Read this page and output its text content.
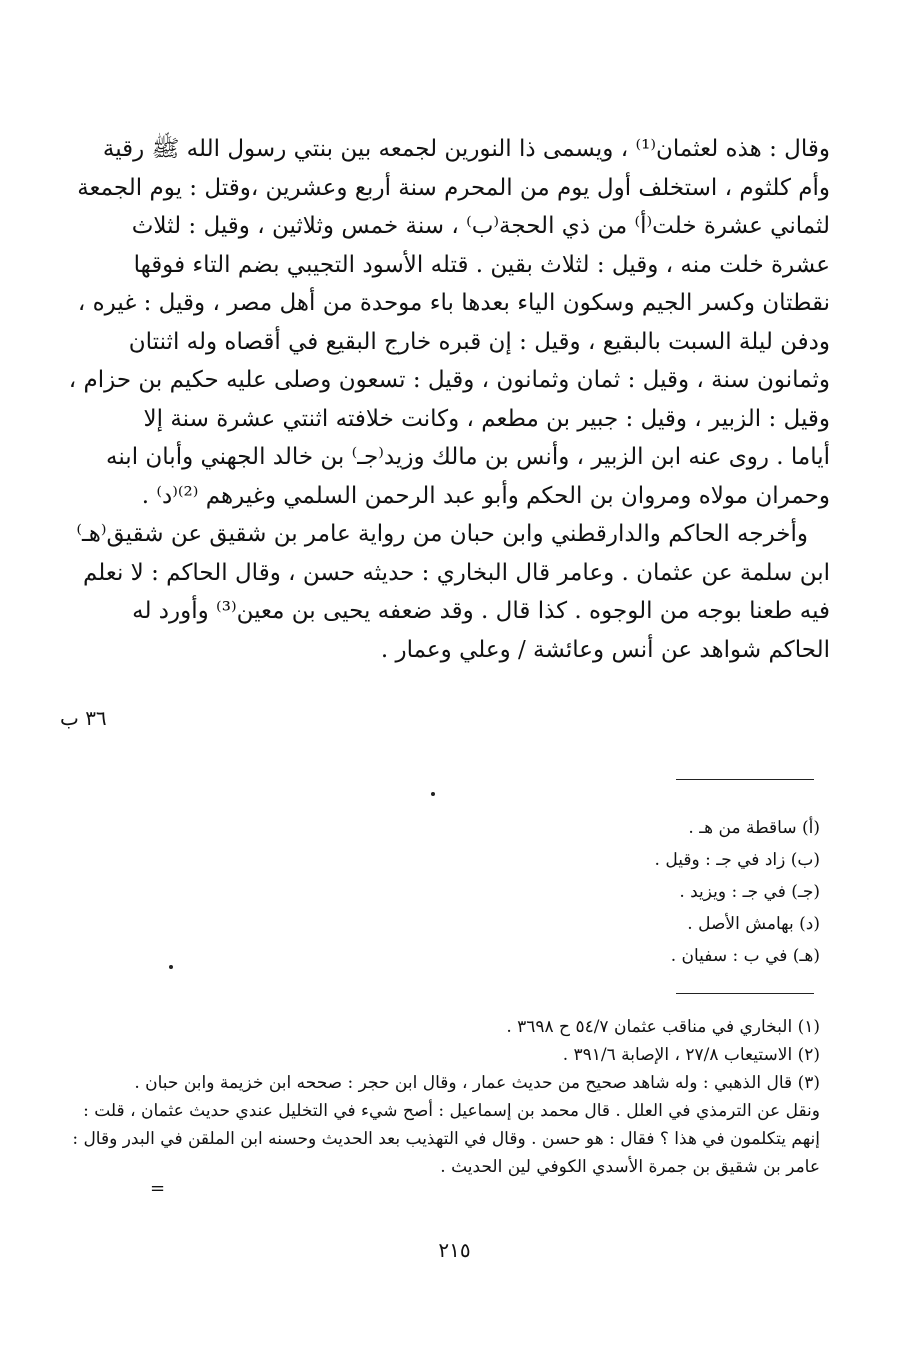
وقال : هذه لعثمان⁽¹⁾ ، ويسمى ذا النورين لجمعه بين بنتي رسول الله ﷺ رقية
وأم كلثوم ، استخلف أول يوم من المحرم سنة أربع وعشرين ،وقتل : يوم الجمعة
لثماني عشرة خلت⁽أ⁾ من ذي الحجة⁽ب⁾ ، سنة خمس وثلاثين ، وقيل : لثلاث
عشرة خلت منه ، وقيل : لثلاث بقين . قتله الأسود التجيبي بضم التاء فوقها
نقطتان وكسر الجيم وسكون الياء بعدها باء موحدة من أهل مصر ، وقيل : غيره ،
ودفن ليلة السبت بالبقيع ، وقيل : إن قبره خارج البقيع في أقصاه وله اثنتان
وثمانون سنة ، وقيل : ثمان وثمانون ، وقيل : تسعون وصلى عليه حكيم بن حزام ،
وقيل : الزبير ، وقيل : جبير بن مطعم ، وكانت خلافته اثنتي عشرة سنة إلا
أياما . روى عنه ابن الزبير ، وأنس بن مالك وزيد⁽جـ⁾ بن خالد الجهني وأبان ابنه
وحمران مولاه ومروان بن الحكم وأبو عبد الرحمن السلمي وغيرهم ⁽²⁾⁽د⁾ .
وأخرجه الحاكم والدارقطني وابن حبان من رواية عامر بن شقيق عن شقيق⁽هـ⁾
ابن سلمة عن عثمان . وعامر قال البخاري : حديثه حسن ، وقال الحاكم : لا نعلم
فيه طعنا بوجه من الوجوه . كذا قال . وقد ضعفه يحيى بن معين⁽³⁾ وأورد له
الحاكم شواهد عن أنس وعائشة / وعلي وعمار .
٣٦ ب
(أ) ساقطة من هـ .
(ب) زاد في جـ : وقيل .
(جـ) في جـ : ويزيد .
(د) بهامش الأصل .
(هـ) في ب : سفيان .
(١) البخاري في مناقب عثمان ٥٤/٧ ح ٣٦٩٨ .
(٢) الاستيعاب ٢٧/٨ ، الإصابة ٣٩١/٦ .
(٣) قال الذهبي : وله شاهد صحيح من حديث عمار ، وقال ابن حجر : صححه ابن خزيمة وابن حبان .
ونقل عن الترمذي في العلل . قال محمد بن إسماعيل : أصح شيء في التخليل عندي حديث عثمان ، قلت :
إنهم يتكلمون في هذا ؟ فقال : هو حسن . وقال في التهذيب بعد الحديث وحسنه ابن الملقن في البدر وقال :
عامر بن شقيق بن جمرة الأسدي الكوفي لين الحديث .
=
٢١٥
